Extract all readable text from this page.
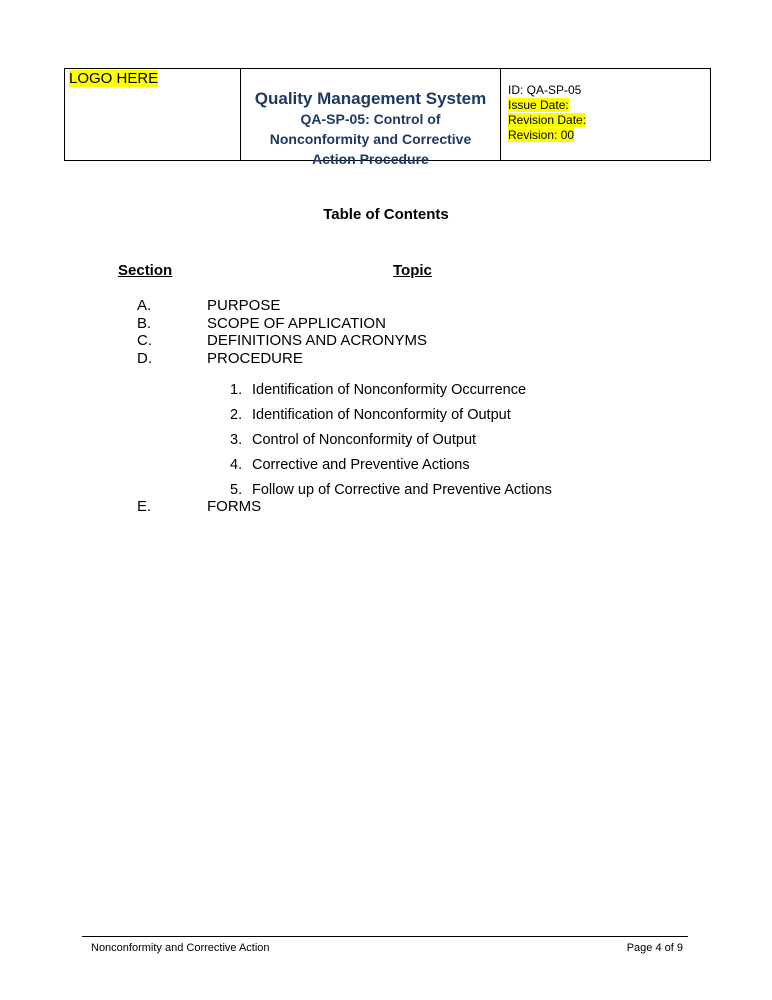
LOGO HERE
Quality Management System
QA-SP-05: Control of
Nonconformity and Corrective
Action Procedure
ID: QA-SP-05
Issue Date:
Revision Date:
Revision: 00
Table of Contents
Section	Topic
A.	PURPOSE
B.	SCOPE OF APPLICATION
C.	DEFINITIONS AND ACRONYMS
D.	PROCEDURE
1. Identification of Nonconformity Occurrence
2. Identification of Nonconformity of Output
3. Control of Nonconformity of Output
4. Corrective and Preventive Actions
5. Follow up of Corrective and Preventive Actions
E.	FORMS
Nonconformity and Corrective Action	Page 4 of 9
